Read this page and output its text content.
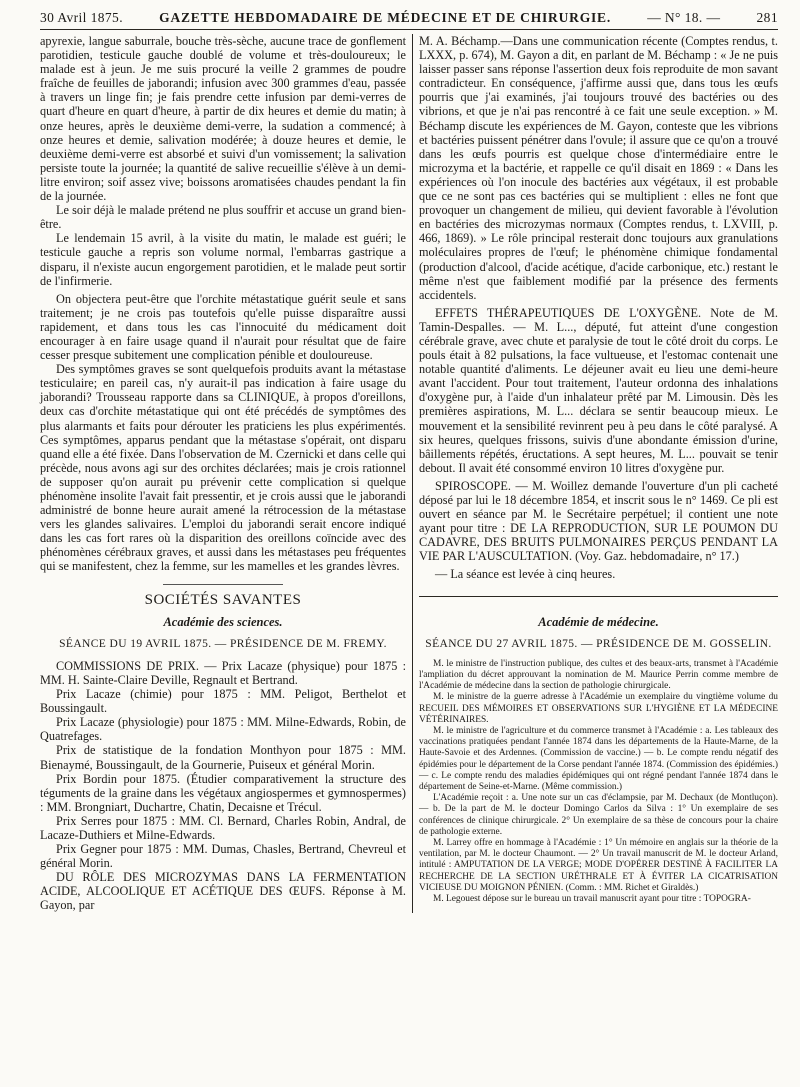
30 Avril 1875.	GAZETTE HEBDOMADAIRE DE MÉDECINE ET DE CHIRURGIE.	— N° 18. —	281

apyrexie, langue saburrale, bouche très-sèche, aucune trace de gonflement parotidien, testicule gauche doublé de volume et très-douloureux; le malade est à jeun. Je me suis procuré la veille 2 grammes de poudre fraîche de feuilles de jaborandi; infusion avec 300 grammes d'eau, passée à travers un linge fin; je fais prendre cette infusion par demi-verres de quart d'heure en quart d'heure, à partir de dix heures et demie du matin; à onze heures, après le deuxième demi-verre, la sudation a commencé; à onze heures et demie, salivation modérée; à douze heures et demie, le deuxième demi-verre est absorbé et suivi d'un vomissement; la salivation persiste toute la journée; la quantité de salive recueillie s'élève à un demi-litre environ; soif assez vive; boissons aromatisées chaudes pendant la fin de la journée.

Le soir déjà le malade prétend ne plus souffrir et accuse un grand bien-être.

Le lendemain 15 avril, à la visite du matin, le malade est guéri; le testicule gauche a repris son volume normal, l'embarras gastrique a disparu, il n'existe aucun engorgement parotidien, et le malade peut sortir de l'infirmerie.

On objectera peut-être que l'orchite métastatique guérit seule et sans traitement; je ne crois pas toutefois qu'elle puisse disparaître aussi rapidement, et dans tous les cas l'innocuité du médicament doit encourager à en faire usage quand il n'aurait pour résultat que de faire cesser presque subitement une complication pénible et douloureuse.

Des symptômes graves se sont quelquefois produits avant la métastase testiculaire; en pareil cas, n'y aurait-il pas indication à faire usage du jaborandi? Trousseau rapporte dans sa CLINIQUE, à propos d'oreillons, deux cas d'orchite métastatique qui ont été précédés de symptômes des plus alarmants et faits pour dérouter les praticiens les plus expérimentés. Ces symptômes, apparus pendant que la métastase s'opérait, ont disparu quand elle a été fixée. Dans l'observation de M. Czernicki et dans celle qui précède, nous avons agi sur des orchites déclarées; mais je crois rationnel de supposer qu'on aurait pu prévenir cette complication si quelque phénomène insolite l'avait fait pressentir, et je crois aussi que le jaborandi administré de bonne heure aurait amené la rétrocession de la métastase vers les glandes salivaires. L'emploi du jaborandi serait encore indiqué dans les cas fort rares où la disparition des oreillons coïncide avec des phénomènes cérébraux graves, et aussi dans les métastases peu fréquentes qui se manifestent, chez la femme, sur les mamelles et les grandes lèvres.

SOCIÉTÉS SAVANTES
Académie des sciences.
SÉANCE DU 19 AVRIL 1875. — PRÉSIDENCE DE M. FREMY.

COMMISSIONS DE PRIX. — Prix Lacaze (physique) pour 1875 : MM. H. Sainte-Claire Deville, Regnault et Bertrand.

Prix Lacaze (chimie) pour 1875 : MM. Peligot, Berthelot et Boussingault.

Prix Lacaze (physiologie) pour 1875 : MM. Milne-Edwards, Robin, de Quatrefages.

Prix de statistique de la fondation Monthyon pour 1875 : MM. Bienaymé, Boussingault, de la Gournerie, Puiseux et général Morin.

Prix Bordin pour 1875. (Étudier comparativement la structure des téguments de la graine dans les végétaux angiospermes et gymnospermes) : MM. Brongniart, Duchartre, Chatin, Decaisne et Trécul.

Prix Serres pour 1875 : MM. Cl. Bernard, Charles Robin, Andral, de Lacaze-Duthiers et Milne-Edwards.

Prix Gegner pour 1875 : MM. Dumas, Chasles, Bertrand, Chevreul et général Morin.

DU RÔLE DES MICROZYMAS DANS LA FERMENTATION ACIDE, ALCOOLIQUE ET ACÉTIQUE DES ŒUFS. Réponse à M. Gayon, par

M. A. Béchamp.—Dans une communication récente (Comptes rendus, t. LXXX, p. 674), M. Gayon a dit, en parlant de M. Béchamp : « Je ne puis laisser passer sans réponse l'assertion deux fois reproduite de mon savant contradicteur. En conséquence, j'affirme aussi que, dans tous les œufs pourris que j'ai examinés, j'ai toujours trouvé des bactéries ou des vibrions, et que je n'ai pas rencontré à ce fait une seule exception. » M. Béchamp discute les expériences de M. Gayon, conteste que les vibrions et bactéries puissent pénétrer dans l'ovule; il assure que ce qu'on a trouvé dans les œufs pourris est quelque chose d'intermédiaire entre le microzyma et la bactérie, et rappelle ce qu'il disait en 1869 : « Dans les expériences où l'on inocule des bactéries aux végétaux, il est probable que ce ne sont pas ces bactéries qui se multiplient : elles ne font que provoquer un changement de milieu, qui devient favorable à l'évolution en bactéries des microzymas normaux (Comptes rendus, t. LXVIII, p. 466, 1869). » Le rôle principal resterait donc toujours aux granulations moléculaires propres de l'œuf; le phénomène chimique fondamental (production d'alcool, d'acide acétique, d'acide carbonique, etc.) restant le même n'est que faiblement modifié par la présence des ferments accidentels.

EFFETS THÉRAPEUTIQUES DE L'OXYGÈNE. Note de M. Tamin-Despalles. — M. L..., député, fut atteint d'une congestion cérébrale grave, avec chute et paralysie de tout le côté droit du corps. Le pouls était à 82 pulsations, la face vultueuse, et l'estomac contenait une notable quantité d'aliments. Le déjeuner avait eu lieu une demi-heure avant l'accident. Pour tout traitement, l'auteur ordonna des inhalations d'oxygène pur, à l'aide d'un inhalateur prêté par M. Limousin. Dès les premières aspirations, M. L... déclara se sentir beaucoup mieux. Le mouvement et la sensibilité revinrent peu à peu dans le côté paralysé. A six heures, quelques frissons, suivis d'une abondante émission d'urine, bâillements répétés, éructations. A sept heures, M. L... pouvait se tenir debout. Il avait été consommé environ 10 litres d'oxygène pur.

SPIROSCOPE. — M. Woillez demande l'ouverture d'un pli cacheté déposé par lui le 18 décembre 1854, et inscrit sous le n° 1469. Ce pli est ouvert en séance par M. le Secrétaire perpétuel; il contient une note ayant pour titre : DE LA REPRODUCTION, SUR LE POUMON DU CADAVRE, DES BRUITS PULMONAIRES PERÇUS PENDANT LA VIE PAR L'AUSCULTATION. (Voy. Gaz. hebdomadaire, n° 17.)

— La séance est levée à cinq heures.

Académie de médecine.
SÉANCE DU 27 AVRIL 1875. — PRÉSIDENCE DE M. GOSSELIN.

M. le ministre de l'instruction publique, des cultes et des beaux-arts, transmet à l'Académie l'ampliation du décret approuvant la nomination de M. Maurice Perrin comme membre de l'Académie de médecine dans la section de pathologie chirurgicale.

M. le ministre de la guerre adresse à l'Académie un exemplaire du vingtième volume du RECUEIL DES MÉMOIRES ET OBSERVATIONS SUR L'HYGIÈNE ET LA MÉDECINE VÉTÉRINAIRES.

M. le ministre de l'agriculture et du commerce transmet à l'Académie : a. Les tableaux des vaccinations pratiquées pendant l'année 1874 dans les départements de la Haute-Marne, de la Haute-Savoie et des Ardennes. (Commission de vaccine.) — b. Le compte rendu négatif des épidémies pour le département de la Corse pendant l'année 1874. (Commission des épidémies.) — c. Le compte rendu des maladies épidémiques qui ont régné pendant l'année 1874 dans le département de Seine-et-Marne. (Même commission.)

L'Académie reçoit : a. Une note sur un cas d'éclampsie, par M. Dechaux (de Montluçon). — b. De la part de M. le docteur Domingo Carlos da Silva : 1° Un exemplaire de ses conférences de clinique chirurgicale. 2° Un exemplaire de sa thèse de concours pour la chaire de pathologie externe.

M. Larrey offre en hommage à l'Académie : 1° Un mémoire en anglais sur la théorie de la ventilation, par M. le docteur Chaumont. — 2° Un travail manuscrit de M. le docteur Arland, intitulé : AMPUTATION DE LA VERGE; MODE D'OPÉRER DESTINÉ À FACILITER LA RECHERCHE DE LA SECTION URÉTHRALE ET À ÉVITER LA CICATRISATION VICIEUSE DU MOIGNON PÉNIEN. (Comm. : MM. Richet et Giraldès.)

M. Legouest dépose sur le bureau un travail manuscrit ayant pour titre : TOPOGRA-
